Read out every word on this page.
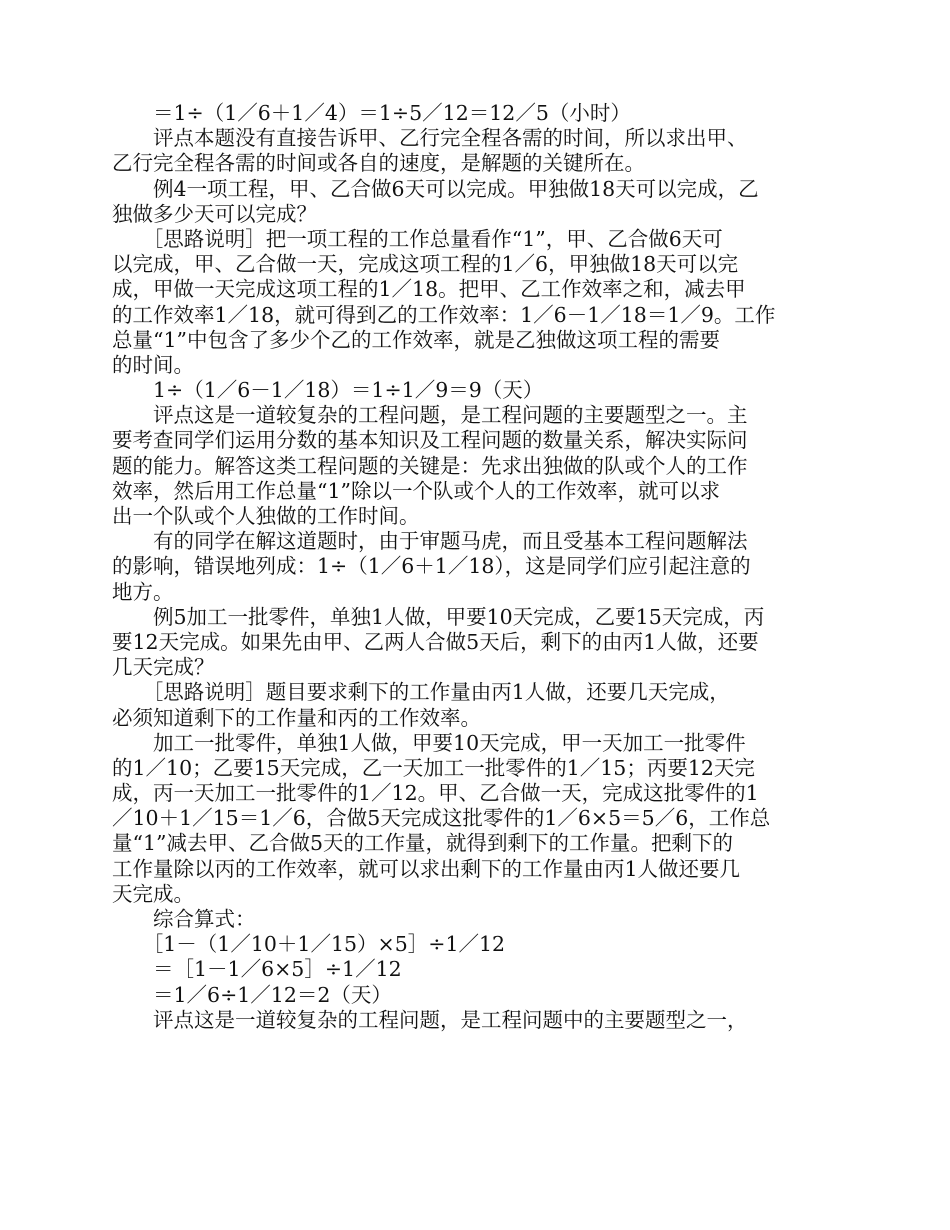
　　＝1÷（1／6＋1／4）＝1÷5／12＝12／5（小时）
　　评点本题没有直接告诉甲、乙行完全程各需的时间，所以求出甲、
乙行完全程各需的时间或各自的速度，是解题的关键所在。
　　例4一项工程，甲、乙合做6天可以完成。甲独做18天可以完成，乙
独做多少天可以完成？
　　［思路说明］把一项工程的工作总量看作“1”，甲、乙合做6天可
以完成，甲、乙合做一天，完成这项工程的1／6，甲独做18天可以完
成，甲做一天完成这项工程的1／18。把甲、乙工作效率之和，减去甲
的工作效率1／18，就可得到乙的工作效率：1／6－1／18＝1／9。工作
总量“1”中包含了多少个乙的工作效率，就是乙独做这项工程的需要
的时间。
　　1÷（1／6－1／18）＝1÷1／9＝9（天）
　　评点这是一道较复杂的工程问题，是工程问题的主要题型之一。主
要考查同学们运用分数的基本知识及工程问题的数量关系，解决实际问
题的能力。解答这类工程问题的关键是：先求出独做的队或个人的工作
效率，然后用工作总量“1”除以一个队或个人的工作效率，就可以求
出一个队或个人独做的工作时间。
　　有的同学在解这道题时，由于审题马虎，而且受基本工程问题解法
的影响，错误地列成：1÷（1／6＋1／18），这是同学们应引起注意的
地方。
　　例5加工一批零件，单独1人做，甲要10天完成，乙要15天完成，丙
要12天完成。如果先由甲、乙两人合做5天后，剩下的由丙1人做，还要
几天完成？
　　［思路说明］题目要求剩下的工作量由丙1人做，还要几天完成，
必须知道剩下的工作量和丙的工作效率。
　　加工一批零件，单独1人做，甲要10天完成，甲一天加工一批零件
的1／10；乙要15天完成，乙一天加工一批零件的1／15；丙要12天完
成，丙一天加工一批零件的1／12。甲、乙合做一天，完成这批零件的1
／10＋1／15＝1／6，合做5天完成这批零件的1／6×5＝5／6，工作总
量“1”减去甲、乙合做5天的工作量，就得到剩下的工作量。把剩下的
工作量除以丙的工作效率，就可以求出剩下的工作量由丙1人做还要几
天完成。
　　综合算式：
　　［1－（1／10＋1／15）×5］÷1／12
　　＝［1－1／6×5］÷1／12
　　＝1／6÷1／12＝2（天）
　　评点这是一道较复杂的工程问题，是工程问题中的主要题型之一，
